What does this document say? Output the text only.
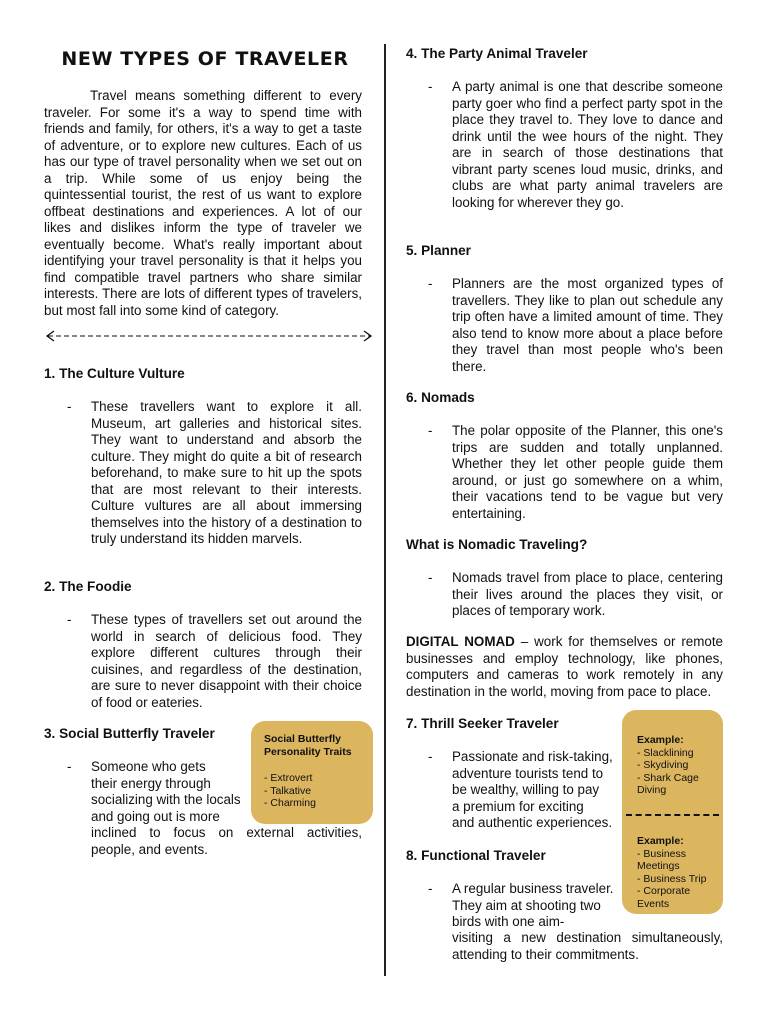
NEW TYPES OF TRAVELER

Travel means something different to every traveler. For some it's a way to spend time with friends and family, for others, it's a way to get a taste of adventure, or to explore new cultures. Each of us has our type of travel personality when we set out on a trip. While some of us enjoy being the quintessential tourist, the rest of us want to explore offbeat destinations and experiences. A lot of our likes and dislikes inform the type of traveler we eventually become. What's really important about identifying your travel personality is that it helps you find compatible travel partners who share similar interests. There are lots of different types of travelers, but most fall into some kind of category.

1. The Culture Vulture

- These travellers want to explore it all. Museum, art galleries and historical sites. They want to understand and absorb the culture. They might do quite a bit of research beforehand, to make sure to hit up the spots that are most relevant to their interests. Culture vultures are all about immersing themselves into the history of a destination to truly understand its hidden marvels.

2. The Foodie

- These types of travellers set out around the world in search of delicious food. They explore different cultures through their cuisines, and regardless of the destination, are sure to never disappoint with their choice of food or eateries.

3. Social Butterfly Traveler

- Someone who gets
their energy through
socializing with the locals
and going out is more

inclined to focus on external activities, people, and events.

Social Butterfly Personality Traits
- Extrovert
- Talkative
- Charming

4. The Party Animal Traveler

- A party animal is one that describe someone party goer who find a perfect party spot in the place they travel to. They love to dance and drink until the wee hours of the night. They are in search of those destinations that vibrant party scenes loud music, drinks, and clubs are what party animal travelers are looking for wherever they go.

5. Planner

- Planners are the most organized types of travellers. They like to plan out schedule any trip often have a limited amount of time. They also tend to know more about a place before they travel than most people who's been there.

6. Nomads

- The polar opposite of the Planner, this one's trips are sudden and totally unplanned. Whether they let other people guide them around, or just go somewhere on a whim, their vacations tend to be vague but very entertaining.

What is Nomadic Traveling?

- Nomads travel from place to place, centering their lives around the places they visit, or places of temporary work.

DIGITAL NOMAD – work for themselves or remote businesses and employ technology, like phones, computers and cameras to work remotely in any destination in the world, moving from pace to place.

Example:
- Slacklining
- Skydiving
- Shark Cage Diving
Example:
- Business Meetings
- Business Trip
- Corporate Events

7. Thrill Seeker Traveler

- Passionate and risk-taking,
adventure tourists tend to
be wealthy, willing to pay
a premium for exciting
and authentic experiences.

8. Functional Traveler

- A regular business traveler.
They aim at shooting two
birds with one aim-

visiting a new destination simultaneously, attending to their commitments.
